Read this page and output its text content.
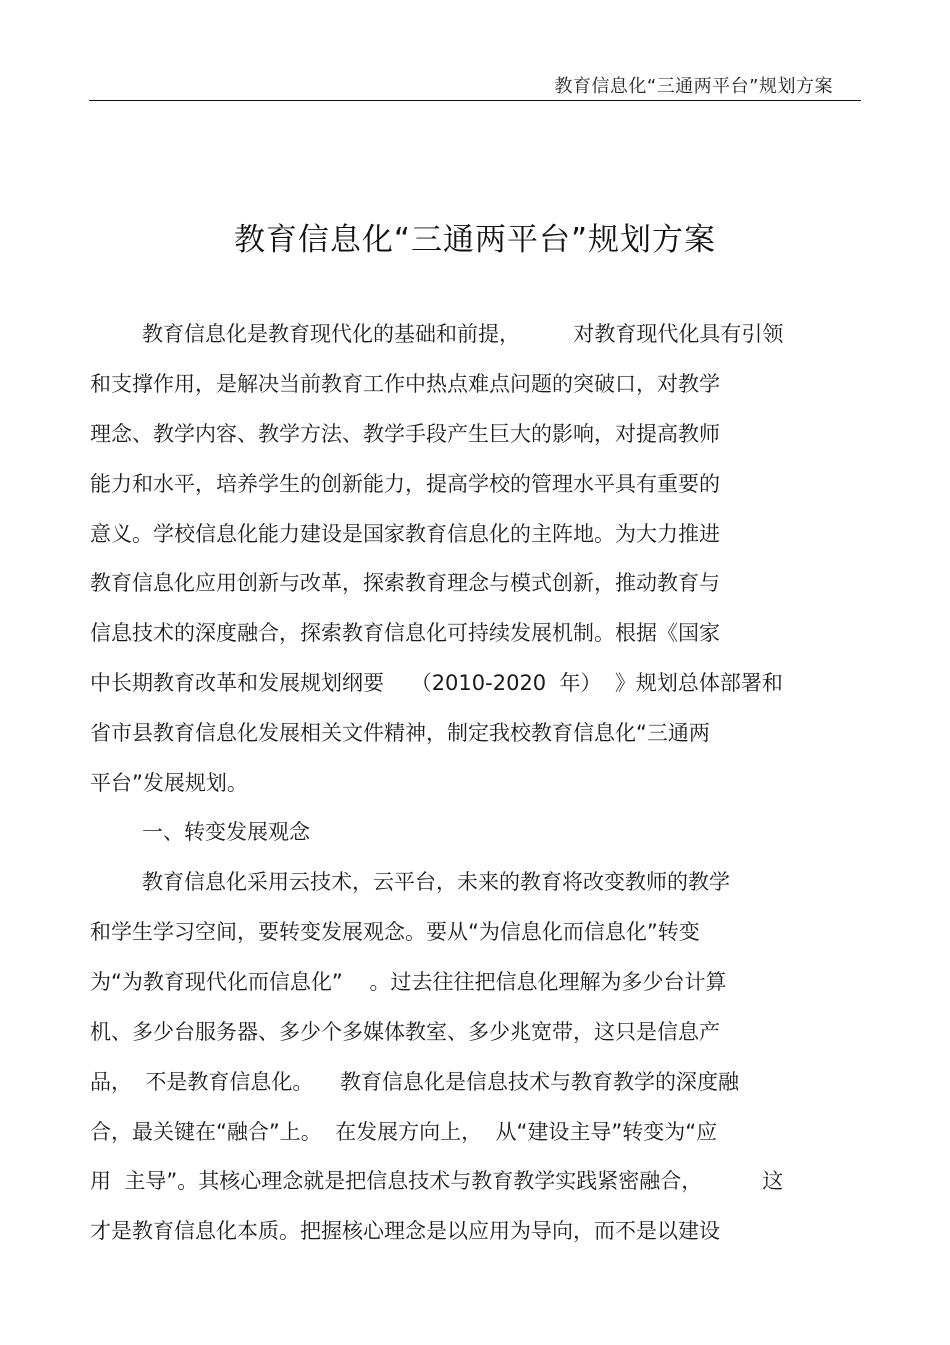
教育信息化“三通两平台”规划方案
教育信息化“三通两平台”规划方案
教育信息化是教育现代化的基础和前提，        对教育现代化具有引领
和支撑作用，是解决当前教育工作中热点难点问题的突破口，对教学
理念、教学内容、教学方法、教学手段产生巨大的影响，对提高教师
能力和水平，培养学生的创新能力，提高学校的管理水平具有重要的
意义。学校信息化能力建设是国家教育信息化的主阵地。为大力推进
教育信息化应用创新与改革，探索教育理念与模式创新，推动教育与
信息技术的深度融合，探索教育信息化可持续发展机制。根据《国家
中长期教育改革和发展规划纲要    （2010-2020  年）  》规划总体部署和
省市县教育信息化发展相关文件精神，制定我校教育信息化“三通两
平台”发展规划。
一、转变发展观念
教育信息化采用云技术，云平台，未来的教育将改变教师的教学
和学生学习空间，要转变发展观念。要从“为信息化而信息化”转变
为“为教育现代化而信息化”    。过去往往把信息化理解为多少台计算
机、多少台服务器、多少个多媒体教室、多少兆宽带，这只是信息产
品，  不是教育信息化。    教育信息化是信息技术与教育教学的深度融
合，最关键在“融合”上。  在发展方向上，  从“建设主导”转变为“应
用  主导”。其核心理念就是把信息技术与教育教学实践紧密融合，         这
才是教育信息化本质。把握核心理念是以应用为导向，而不是以建设
